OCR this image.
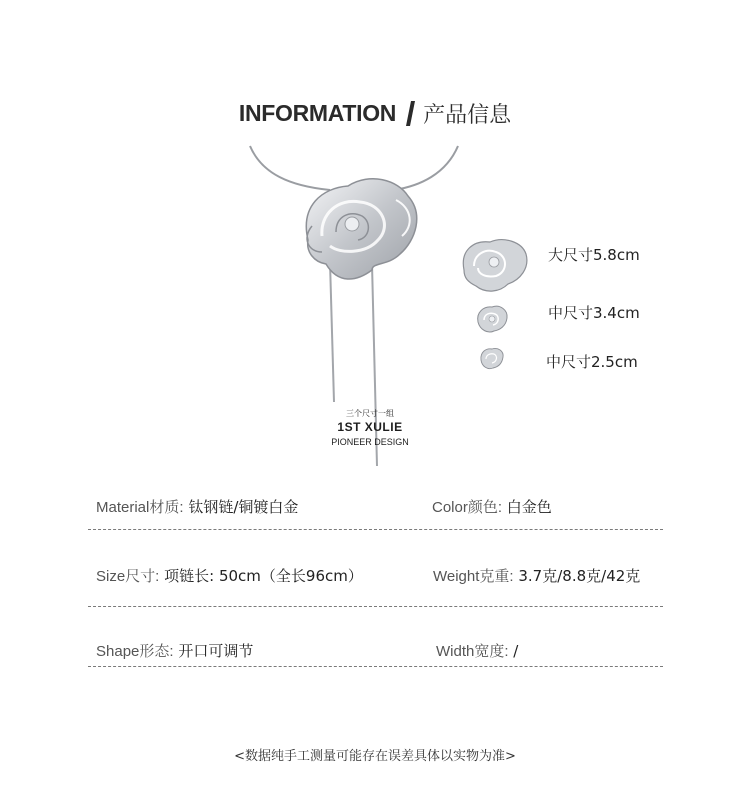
INFORMATION 产品信息
三个尺寸一组
1ST XULIE
PIONEER DESIGN
大尺寸5.8cm
中尺寸3.4cm
中尺寸2.5cm
Material材质: 钛钢链/铜镀白金	Color颜色: 白金色
Size尺寸: 项链长: 50cm（全长96cm）	Weight克重: 3.7克/8.8克/42克
Shape形态: 开口可调节	Width宽度: /
<数据纯手工测量可能存在误差具体以实物为准>
